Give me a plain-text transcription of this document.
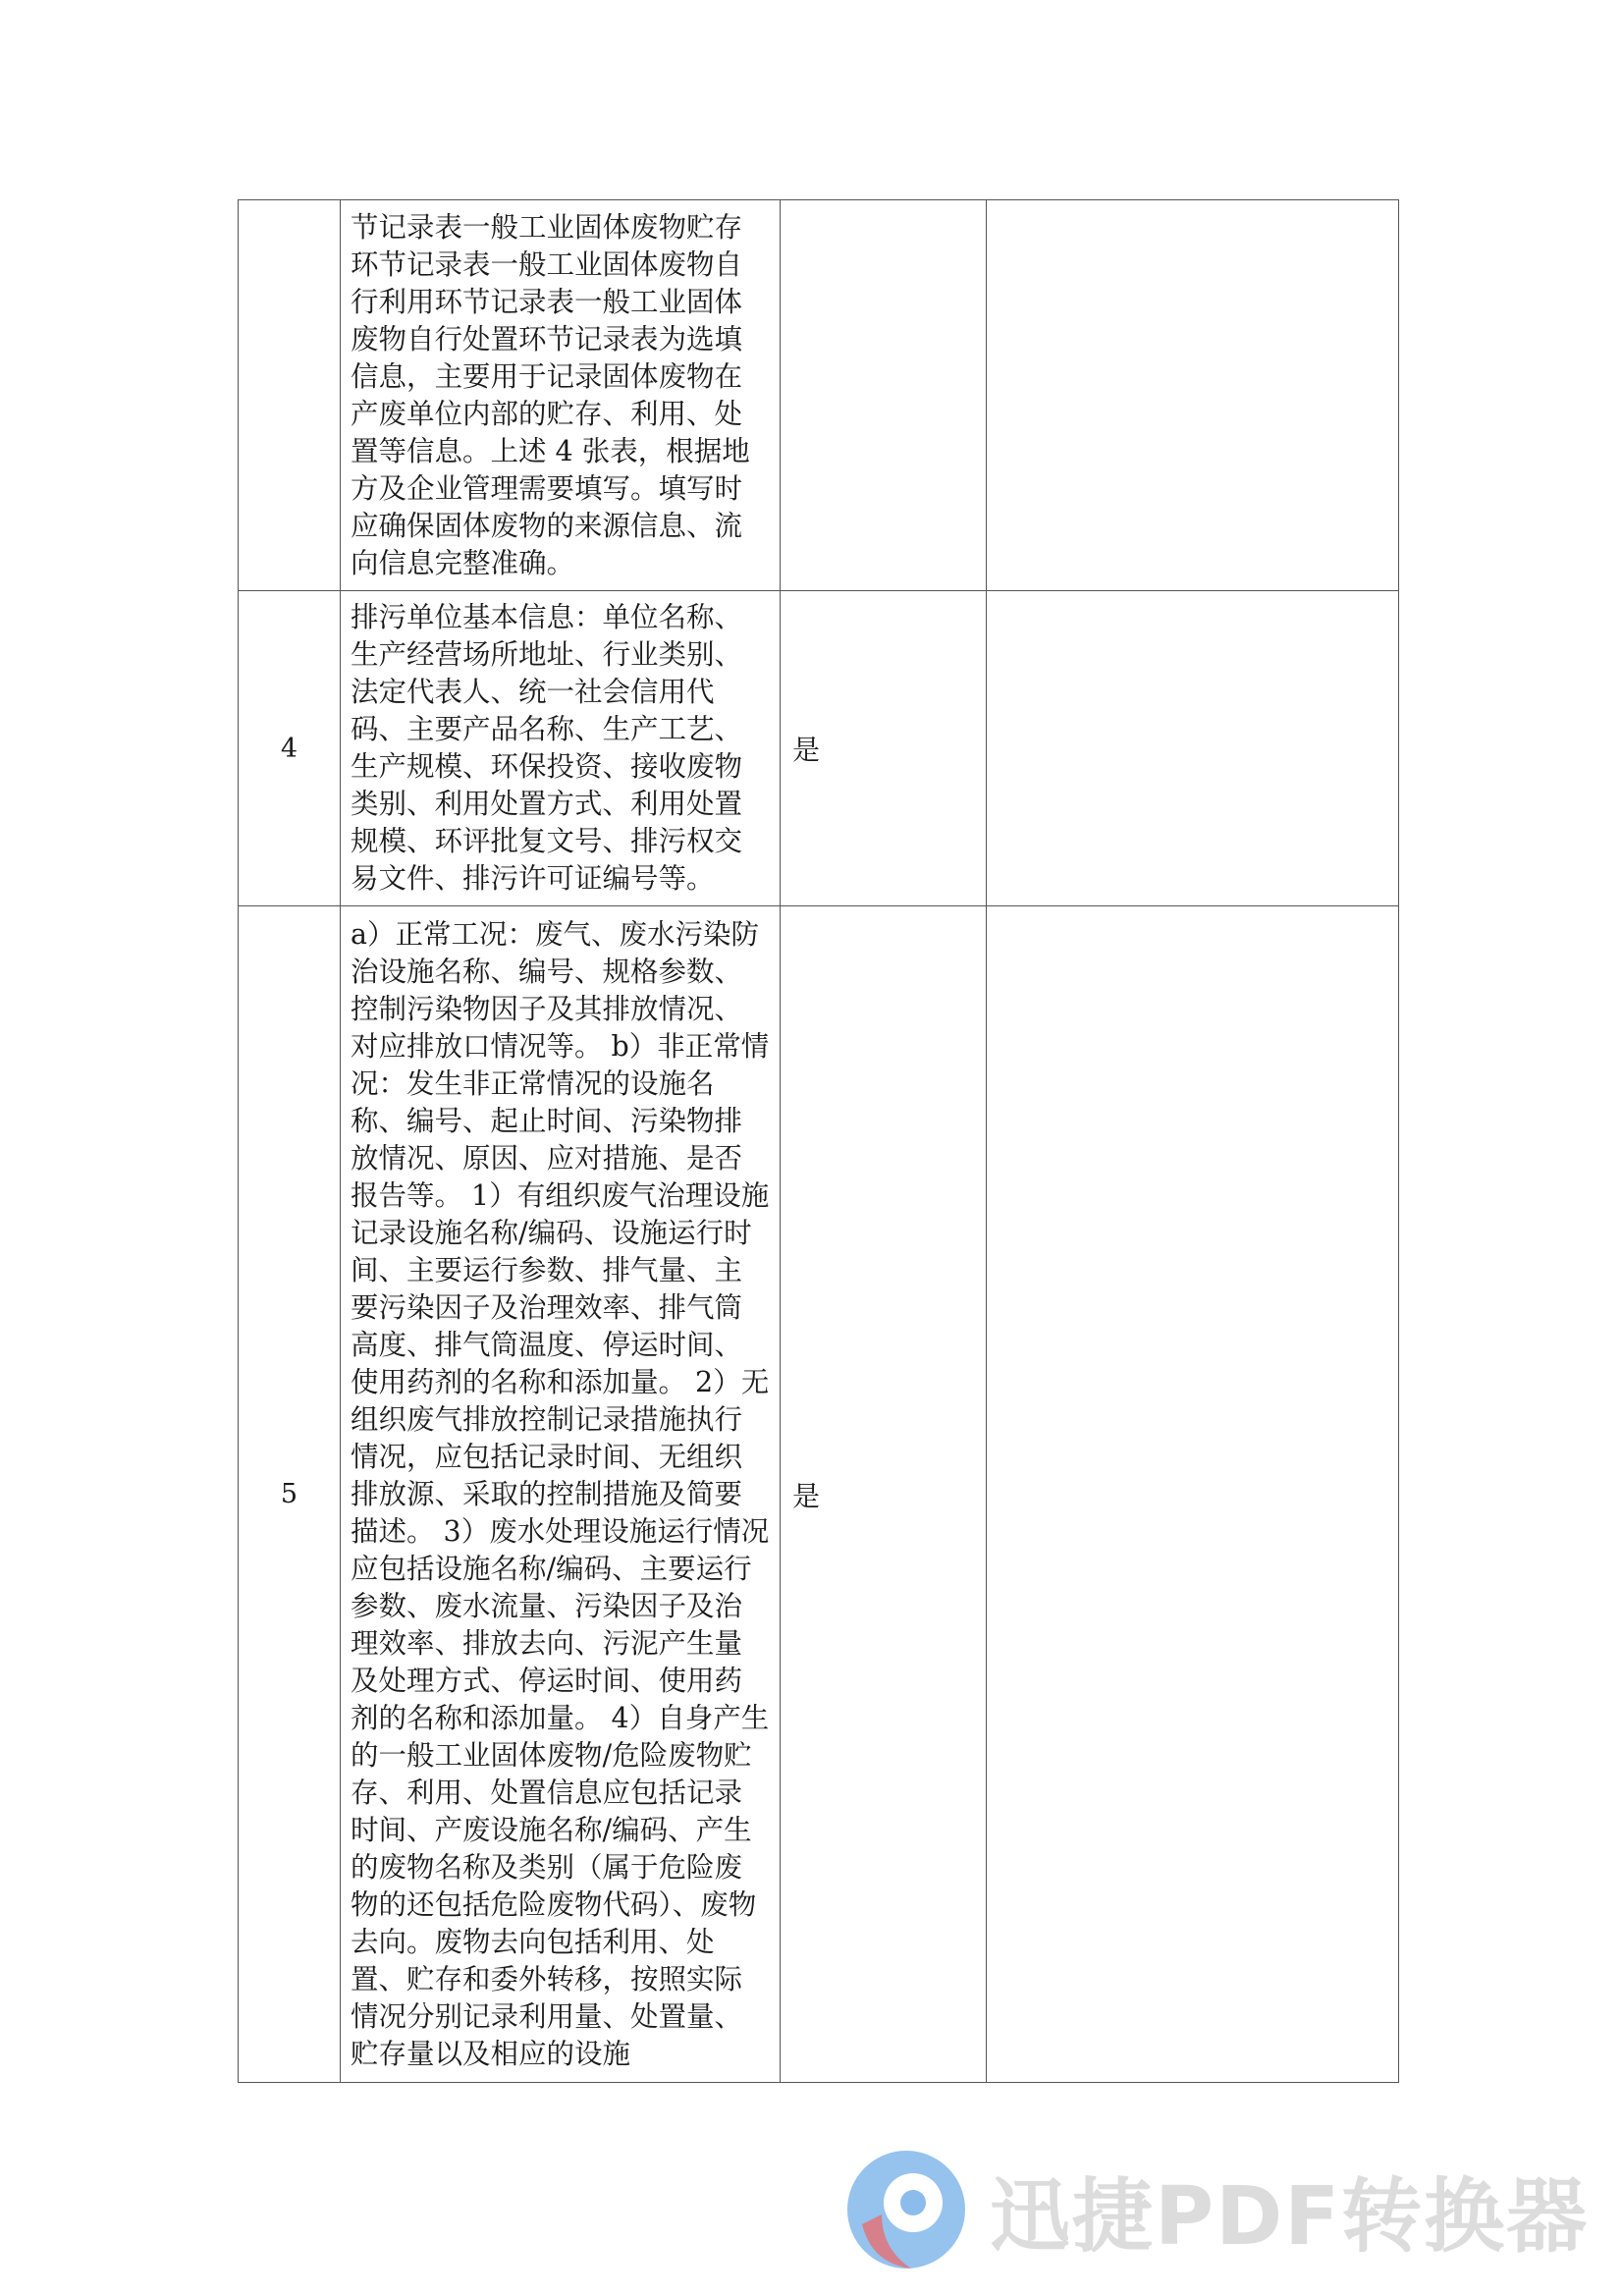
	节记录表一般工业固体废物贮存环节记录表一般工业固体废物自行利用环节记录表一般工业固体废物自行处置环节记录表为选填信息，主要用于记录固体废物在产废单位内部的贮存、利用、处置等信息。上述 4 张表，根据地方及企业管理需要填写。填写时应确保固体废物的来源信息、流向信息完整准确。		
4	排污单位基本信息：单位名称、生产经营场所地址、行业类别、法定代表人、统一社会信用代码、主要产品名称、生产工艺、生产规模、环保投资、接收废物类别、利用处置方式、利用处置规模、环评批复文号、排污权交易文件、排污许可证编号等。	是	
5	a）正常工况：废气、废水污染防治设施名称、编号、规格参数、控制污染物因子及其排放情况、对应排放口情况等。 b）非正常情况：发生非正常情况的设施名称、编号、起止时间、污染物排放情况、原因、应对措施、是否报告等。 1）有组织废气治理设施记录设施名称/编码、设施运行时间、主要运行参数、排气量、主要污染因子及治理效率、排气筒高度、排气筒温度、停运时间、使用药剂的名称和添加量。 2）无组织废气排放控制记录措施执行情况，应包括记录时间、无组织排放源、采取的控制措施及简要描述。 3）废水处理设施运行情况应包括设施名称/编码、主要运行参数、废水流量、污染因子及治理效率、排放去向、污泥产生量及处理方式、停运时间、使用药剂的名称和添加量。 4）自身产生的一般工业固体废物/危险废物贮存、利用、处置信息应包括记录时间、产废设施名称/编码、产生的废物名称及类别（属于危险废物的还包括危险废物代码）、废物去向。废物去向包括利用、处置、贮存和委外转移，按照实际情况分别记录利用量、处置量、贮存量以及相应的设施	是	
迅捷PDF转换器
